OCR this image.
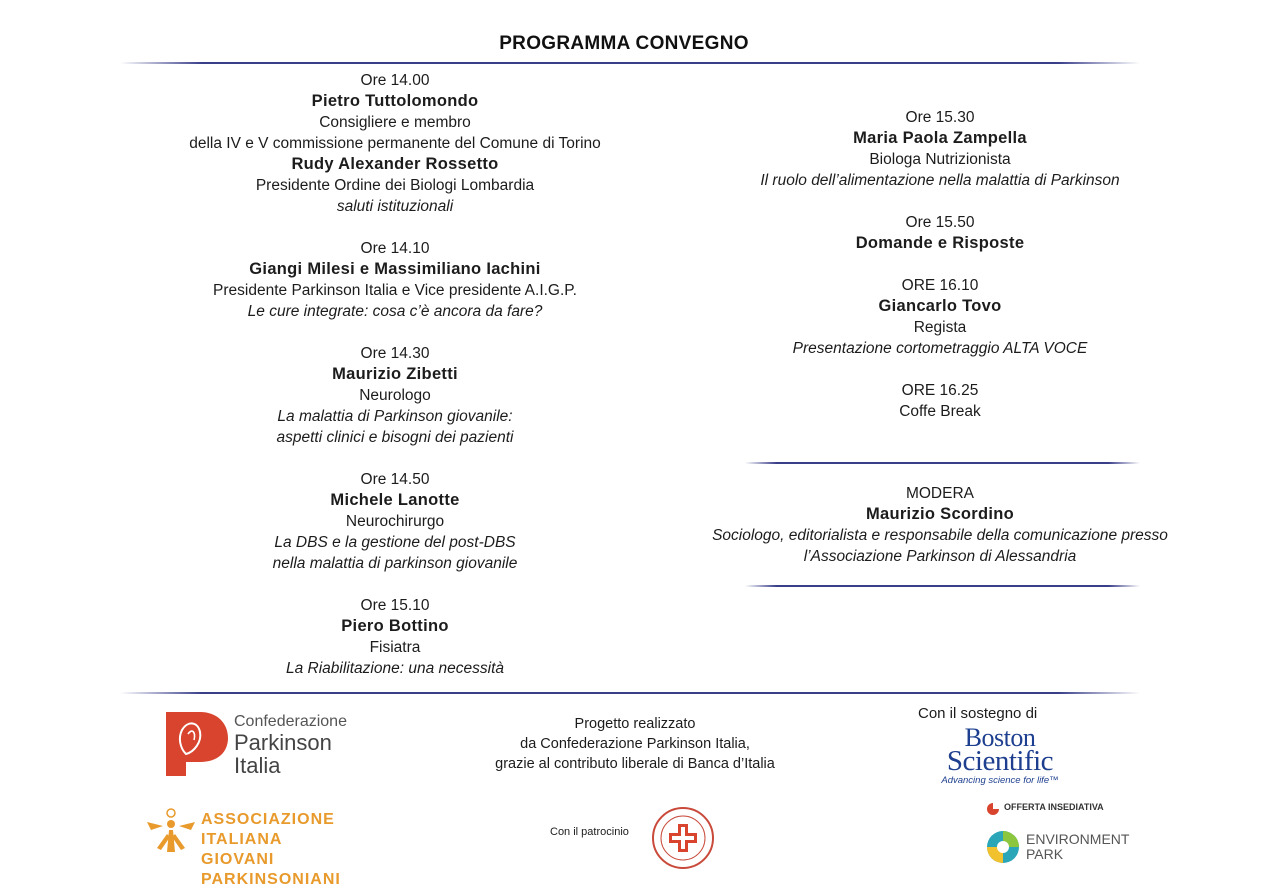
PROGRAMMA CONVEGNO
Ore 14.00
Pietro Tuttolomondo
Consigliere e membro
della IV e V commissione permanente del Comune di Torino
Rudy Alexander Rossetto
Presidente Ordine dei Biologi Lombardia
saluti istituzionali
Ore 14.10
Giangi Milesi e Massimiliano Iachini
Presidente Parkinson Italia e Vice presidente A.I.G.P.
Le cure integrate: cosa c’è ancora da fare?
Ore 14.30
Maurizio Zibetti
Neurologo
La malattia di Parkinson giovanile:
aspetti clinici e bisogni dei pazienti
Ore 14.50
Michele Lanotte
Neurochirurgo
La DBS e la gestione del post-DBS
nella malattia di parkinson giovanile
Ore 15.10
Piero Bottino
Fisiatra
La Riabilitazione: una necessità
Ore 15.30
Maria Paola Zampella
Biologa Nutrizionista
Il ruolo dell’alimentazione nella malattia di Parkinson
Ore 15.50
Domande e Risposte
ORE 16.10
Giancarlo Tovo
Regista
Presentazione cortometraggio ALTA VOCE
ORE 16.25
Coffe Break
MODERA
Maurizio Scordino
Sociologo, editorialista e responsabile della comunicazione presso
l’Associazione Parkinson di Alessandria
Confederazione
Parkinson
Italia
Progetto realizzato
da Confederazione Parkinson Italia,
grazie al contributo liberale di Banca d’Italia
Con il sostegno di
Boston
Scientific
Advancing science for life™
ASSOCIAZIONE ITALIANA
GIOVANI PARKINSONIANI
Con il patrocinio
OFFERTA INSEDIATIVA
ENVIRONMENT
PARK
